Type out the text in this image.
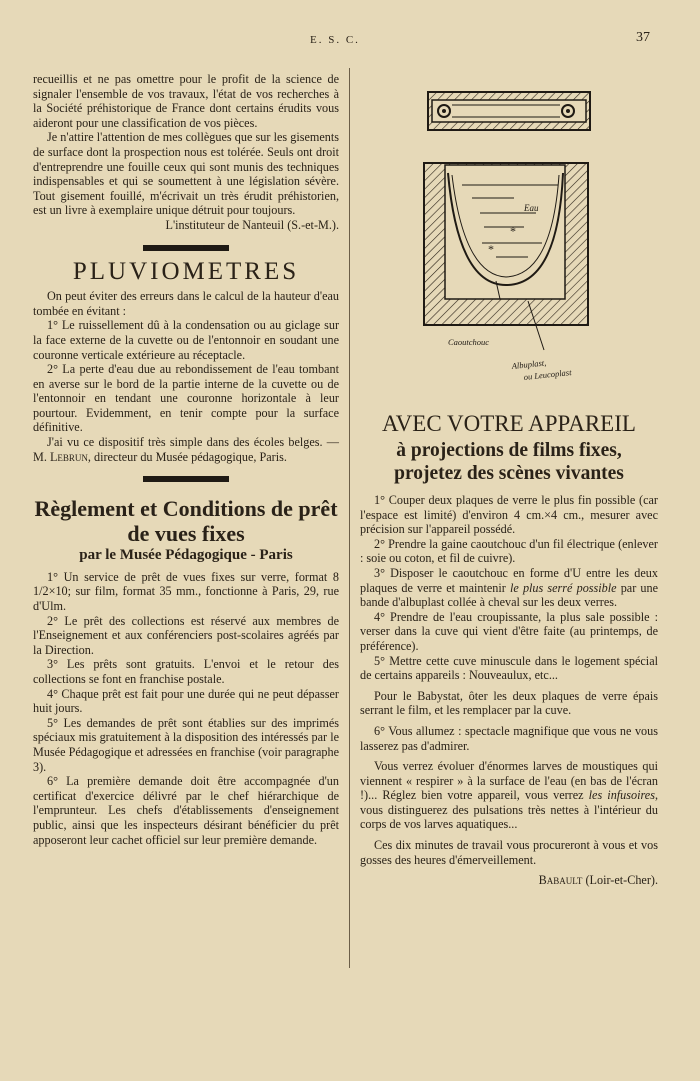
E. S. C.	37

recueillis et ne pas omettre pour le profit de la science de signaler l'ensemble de vos travaux, l'état de vos recherches à la Société préhistorique de France dont certains érudits vous aideront pour une classification de vos pièces.

Je n'attire l'attention de mes collègues que sur les gisements de surface dont la prospection nous est tolérée. Seuls ont droit d'entreprendre une fouille ceux qui sont munis des techniques indispensables et qui se soumettent à une législation sévère. Tout gisement fouillé, m'écrivait un très érudit préhistorien, est un livre à exemplaire unique détruit pour toujours.

L'instituteur de Nanteuil (S.-et-M.).

PLUVIOMETRES

On peut éviter des erreurs dans le calcul de la hauteur d'eau tombée en évitant :

1° Le ruissellement dû à la condensation ou au giclage sur la face externe de la cuvette ou de l'entonnoir en soudant une couronne verticale extérieure au réceptacle.

2° La perte d'eau due au rebondissement de l'eau tombant en averse sur le bord de la partie interne de la cuvette ou de l'entonnoir en tendant une couronne horizontale à leur pourtour. Evidemment, en tenir compte pour la surface définitive.

J'ai vu ce dispositif très simple dans des écoles belges. — M. Lebrun, directeur du Musée pédagogique, Paris.

Règlement et Conditions de prêt de vues fixes
par le Musée Pédagogique - Paris

1° Un service de prêt de vues fixes sur verre, format 8 1/2×10; sur film, format 35 mm., fonctionne à Paris, 29, rue d'Ulm.

2° Le prêt des collections est réservé aux membres de l'Enseignement et aux conférenciers post-scolaires agréés par la Direction.

3° Les prêts sont gratuits. L'envoi et le retour des collections se font en franchise postale.

4° Chaque prêt est fait pour une durée qui ne peut dépasser huit jours.

5° Les demandes de prêt sont établies sur des imprimés spéciaux mis gratuitement à la disposition des intéressés par le Musée Pédagogique et adressées en franchise (voir paragraphe 3).

6° La première demande doit être accompagnée d'un certificat d'exercice délivré par le chef hiérarchique de l'emprunteur. Les chefs d'établissements d'enseignement public, ainsi que les inspecteurs désirant bénéficier du prêt apposeront leur cachet officiel sur leur première demande.

Eau
*
*
Caoutchouc
Albuplast,
ou Leucoplast
AVEC VOTRE APPAREIL
à projections de films fixes, projetez des scènes vivantes

1° Couper deux plaques de verre le plus fin possible (car l'espace est limité) d'environ 4 cm.×4 cm., mesurer avec précision sur l'appareil possédé.

2° Prendre la gaine caoutchouc d'un fil électrique (enlever : soie ou coton, et fil de cuivre).

3° Disposer le caoutchouc en forme d'U entre les deux plaques de verre et maintenir le plus serré possible par une bande d'albuplast collée à cheval sur les deux verres.

4° Prendre de l'eau croupissante, la plus sale possible : verser dans la cuve qui vient d'être faite (au printemps, de préférence).

5° Mettre cette cuve minuscule dans le logement spécial de certains appareils : Nouveaulux, etc...

Pour le Babystat, ôter les deux plaques de verre épais serrant le film, et les remplacer par la cuve.

6° Vous allumez : spectacle magnifique que vous ne vous lasserez pas d'admirer.

Vous verrez évoluer d'énormes larves de moustiques qui viennent « respirer » à la surface de l'eau (en bas de l'écran !)... Réglez bien votre appareil, vous verrez les infusoires, vous distinguerez des pulsations très nettes à l'intérieur du corps de vos larves aquatiques...

Ces dix minutes de travail vous procureront à vous et vos gosses des heures d'émerveillement.

Babault (Loir-et-Cher).
